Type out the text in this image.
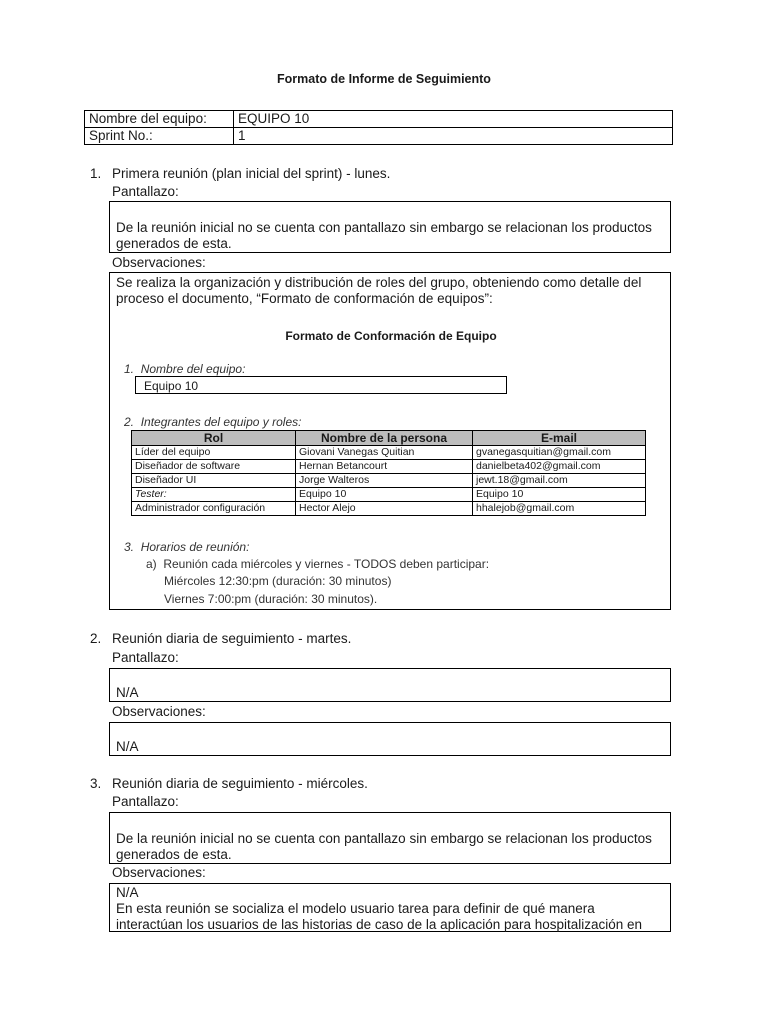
Formato de Informe de Seguimiento
Nombre del equipo:	EQUIPO 10
Sprint No.:	1
1. Primera reunión (plan inicial del sprint) - lunes.
Pantallazo:
De la reunión inicial no se cuenta con pantallazo sin embargo se relacionan los productos generados de esta.
Observaciones:
Se realiza la organización y distribución de roles del grupo, obteniendo como detalle del proceso el documento, “Formato de conformación de equipos”:
Formato de Conformación de Equipo
1. Nombre del equipo:
Equipo 10
2. Integrantes del equipo y roles:
Rol	Nombre de la persona	E-mail
Líder del equipo	Giovani Vanegas Quitian	gvanegasquitian@gmail.com
Diseñador de software	Hernan Betancourt	danielbeta402@gmail.com
Diseñador UI	Jorge Walteros	jewt.18@gmail.com
Tester:	Equipo 10	Equipo 10
Administrador configuración	Hector Alejo	hhalejob@gmail.com
3. Horarios de reunión:
a) Reunión cada miércoles y viernes - TODOS deben participar:
Miércoles 12:30:pm (duración: 30 minutos)
Viernes 7:00:pm (duración: 30 minutos).
2. Reunión diaria de seguimiento - martes.
Pantallazo:
N/A
Observaciones:
N/A
3. Reunión diaria de seguimiento - miércoles.
Pantallazo:
De la reunión inicial no se cuenta con pantallazo sin embargo se relacionan los productos generados de esta.
Observaciones:
N/A
En esta reunión se socializa el modelo usuario tarea para definir de qué manera interactúan los usuarios de las historias de caso de la aplicación para hospitalización en
